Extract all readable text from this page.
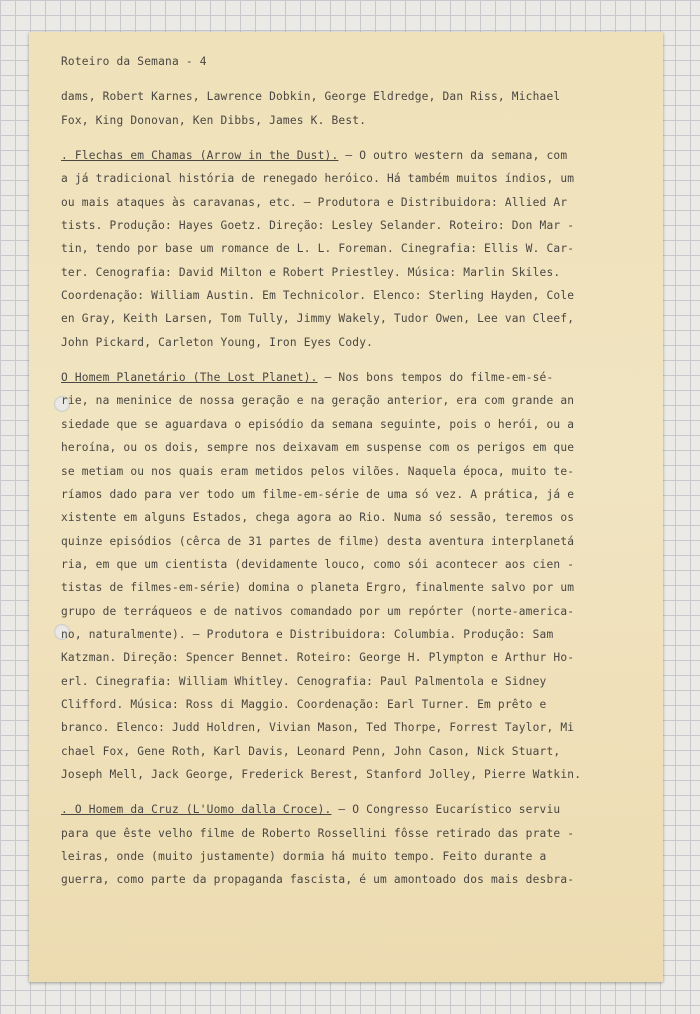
Roteiro da Semana - 4
dams, Robert Karnes, Lawrence Dobkin, George Eldredge, Dan Riss, Michael
Fox, King Donovan, Ken Dibbs, James K. Best.
. Flechas em Chamas (Arrow in the Dust). — O outro western da semana, com
a já tradicional história de renegado heróico. Há também muitos índios, um
ou mais ataques às caravanas, etc. — Produtora e Distribuidora: Allied Ar
tists. Produção: Hayes Goetz. Direção: Lesley Selander. Roteiro: Don Mar -
tin, tendo por base um romance de L. L. Foreman. Cinegrafia: Ellis W. Car-
ter. Cenografia: David Milton e Robert Priestley. Música: Marlin Skiles.
Coordenação: William Austin. Em Technicolor. Elenco: Sterling Hayden, Cole
en Gray, Keith Larsen, Tom Tully, Jimmy Wakely, Tudor Owen, Lee van Cleef,
John Pickard, Carleton Young, Iron Eyes Cody.
O Homem Planetário (The Lost Planet). — Nos bons tempos do filme-em-sé-
rie, na meninice de nossa geração e na geração anterior, era com grande an
siedade que se aguardava o episódio da semana seguinte, pois o herói, ou a
heroína, ou os dois, sempre nos deixavam em suspense com os perigos em que
se metiam ou nos quais eram metidos pelos vilões. Naquela época, muito te-
ríamos dado para ver todo um filme-em-série de uma só vez. A prática, já e
xistente em alguns Estados, chega agora ao Rio. Numa só sessão, teremos os
quinze episódios (cêrca de 31 partes de filme) desta aventura interplanetá
ria, em que um cientista (devidamente louco, como sói acontecer aos cien -
tistas de filmes-em-série) domina o planeta Ergro, finalmente salvo por um
grupo de terráqueos e de nativos comandado por um repórter (norte-america-
no, naturalmente). — Produtora e Distribuidora: Columbia. Produção: Sam
Katzman. Direção: Spencer Bennet. Roteiro: George H. Plympton e Arthur Ho-
erl. Cinegrafia: William Whitley. Cenografia: Paul Palmentola e Sidney
Clifford. Música: Ross di Maggio. Coordenação: Earl Turner. Em prêto e
branco. Elenco: Judd Holdren, Vivian Mason, Ted Thorpe, Forrest Taylor, Mi
chael Fox, Gene Roth, Karl Davis, Leonard Penn, John Cason, Nick Stuart,
Joseph Mell, Jack George, Frederick Berest, Stanford Jolley, Pierre Watkin.
. O Homem da Cruz (L'Uomo dalla Croce). — O Congresso Eucarístico serviu
para que êste velho filme de Roberto Rossellini fôsse retirado das prate -
leiras, onde (muito justamente) dormia há muito tempo. Feito durante a
guerra, como parte da propaganda fascista, é um amontoado dos mais desbra-
